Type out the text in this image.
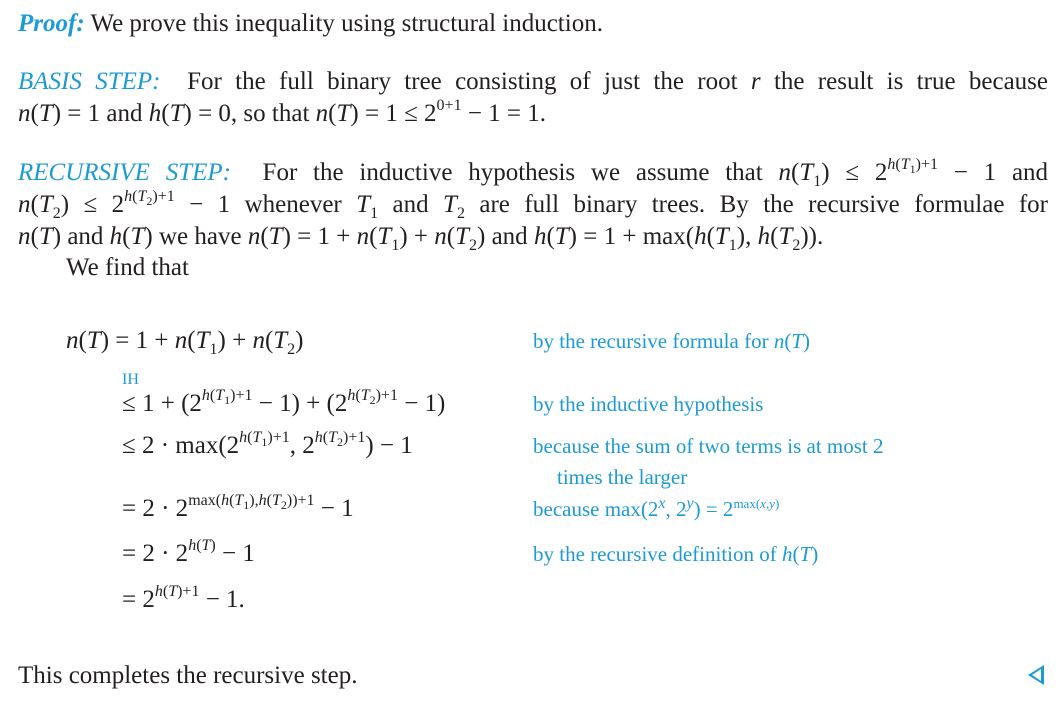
Proof: We prove this inequality using structural induction.
BASIS STEP: For the full binary tree consisting of just the root r the result is true because
n(T) = 1 and h(T) = 0, so that $n(T) = 1 \le 2^{0+1} - 1 = 1$.
RECURSIVE STEP: For the inductive hypothesis we assume that $n(T_1) \le 2^{h(T_1)+1} - 1$ and
$n(T_2) \le 2^{h(T_2)+1} - 1$ whenever $T_1$ and $T_2$ are full binary trees. By the recursive formulae for
n(T) and h(T) we have $n(T) = 1 + n(T_1) + n(T_2)$ and $h(T) = 1 + \max(h(T_1)$, $h(T_2)$).
We find that
$n(T) = 1 + n(T_1) + n(T_2)$	by the recursive formula for n(T)
IH
≤ $1 + (2^{h(T_1)+1} - 1) + (2^{h(T_2)+1} - 1)$	by the inductive hypothesis
≤ $2 \cdot \max(2^{h(T_1)+1}$, $2^{h(T_2)+1}) - 1$	because the sum of two terms is at most 2
times the larger
= $2 \cdot 2^{max(h(T_1),h(T_2))+1} - 1$	because max(2$^x$, $2^y) = 2^{max(x,y)}$
= $2 \cdot 2^{h(T)} - 1$	by the recursive definition of h(T)
= $2^{h(T)+1} - 1$.
This completes the recursive step.
